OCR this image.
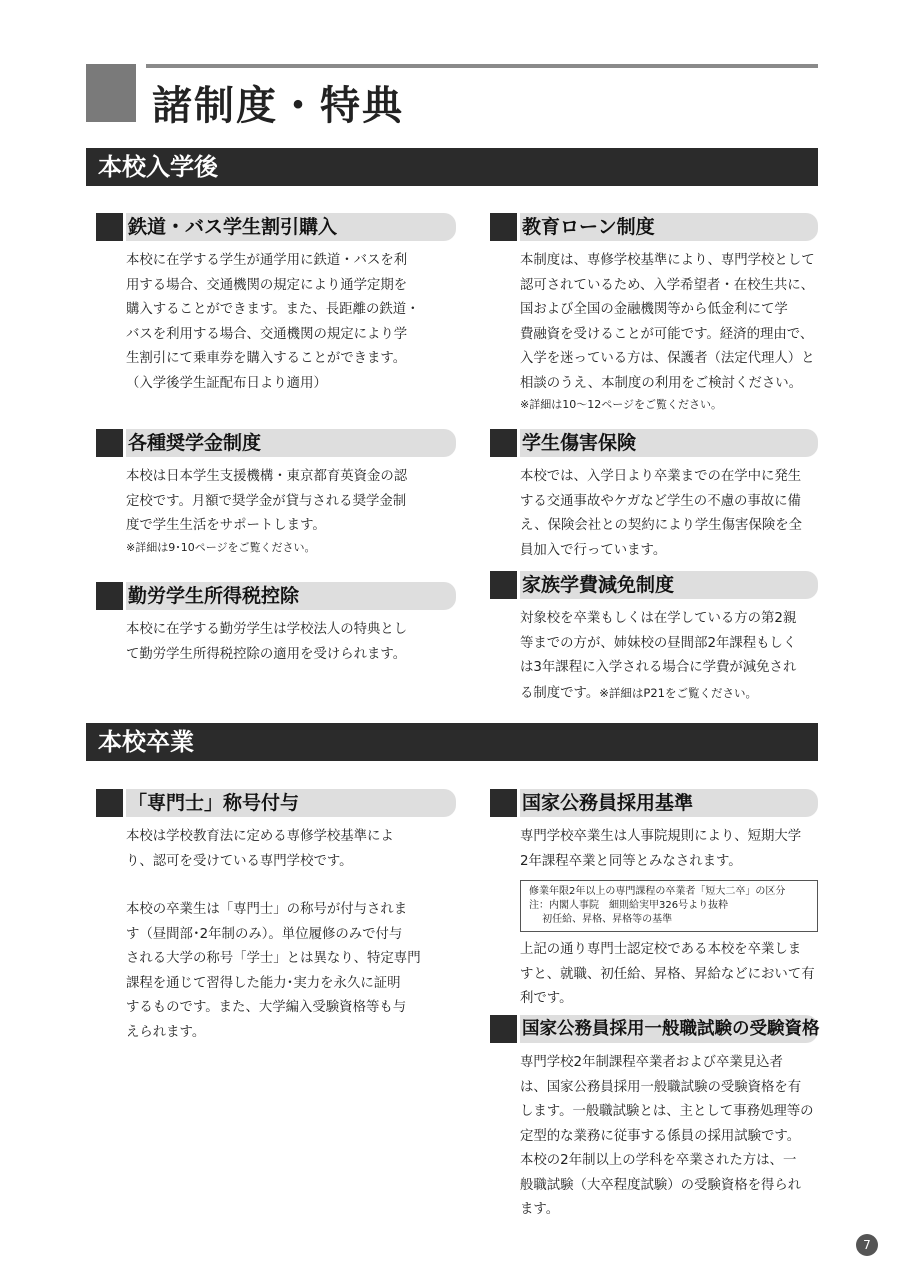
諸制度・特典
本校入学後
鉄道・バス学生割引購入
本校に在学する学生が通学用に鉄道・バスを利
用する場合、交通機関の規定により通学定期を
購入することができます。また、長距離の鉄道・
バスを利用する場合、交通機関の規定により学
生割引にて乗車券を購入することができます。
（入学後学生証配布日より適用）
教育ローン制度
本制度は、専修学校基準により、専門学校として
認可されているため、入学希望者・在校生共に、
国および全国の金融機関等から低金利にて学
費融資を受けることが可能です。経済的理由で、
入学を迷っている方は、保護者（法定代理人）と
相談のうえ、本制度の利用をご検討ください。
※詳細は10〜12ページをご覧ください。
各種奨学金制度
本校は日本学生支援機構・東京都育英資金の認
定校です。月額で奨学金が貸与される奨学金制
度で学生生活をサポートします。
※詳細は9･10ページをご覧ください。
学生傷害保険
本校では、入学日より卒業までの在学中に発生
する交通事故やケガなど学生の不慮の事故に備
え、保険会社との契約により学生傷害保険を全
員加入で行っています。
勤労学生所得税控除
本校に在学する勤労学生は学校法人の特典とし
て勤労学生所得税控除の適用を受けられます。
家族学費減免制度
対象校を卒業もしくは在学している方の第2親
等までの方が、姉妹校の昼間部2年課程もしく
は3年課程に入学される場合に学費が減免され
る制度です。※詳細はP21をご覧ください。
本校卒業
「専門士」称号付与
本校は学校教育法に定める専修学校基準によ
り、認可を受けている専門学校です。
本校の卒業生は「専門士」の称号が付与されま
す（昼間部･2年制のみ）。単位履修のみで付与
される大学の称号「学士」とは異なり、特定専門
課程を通じて習得した能力･実力を永久に証明
するものです。また、大学編入受験資格等も与
えられます。
国家公務員採用基準
専門学校卒業生は人事院規則により、短期大学
2年課程卒業と同等とみなされます。
修業年限2年以上の専門課程の卒業者「短大二卒」の区分
注：内閣人事院　細則給実甲326号より抜粋
　 初任給、昇格、昇格等の基準
上記の通り専門士認定校である本校を卒業しま
すと、就職、初任給、昇格、昇給などにおいて有
利です。
国家公務員採用一般職試験の受験資格
専門学校2年制課程卒業者および卒業見込者
は、国家公務員採用一般職試験の受験資格を有
します。一般職試験とは、主として事務処理等の
定型的な業務に従事する係員の採用試験です。
本校の2年制以上の学科を卒業された方は、一
般職試験（大卒程度試験）の受験資格を得られ
ます。
7
